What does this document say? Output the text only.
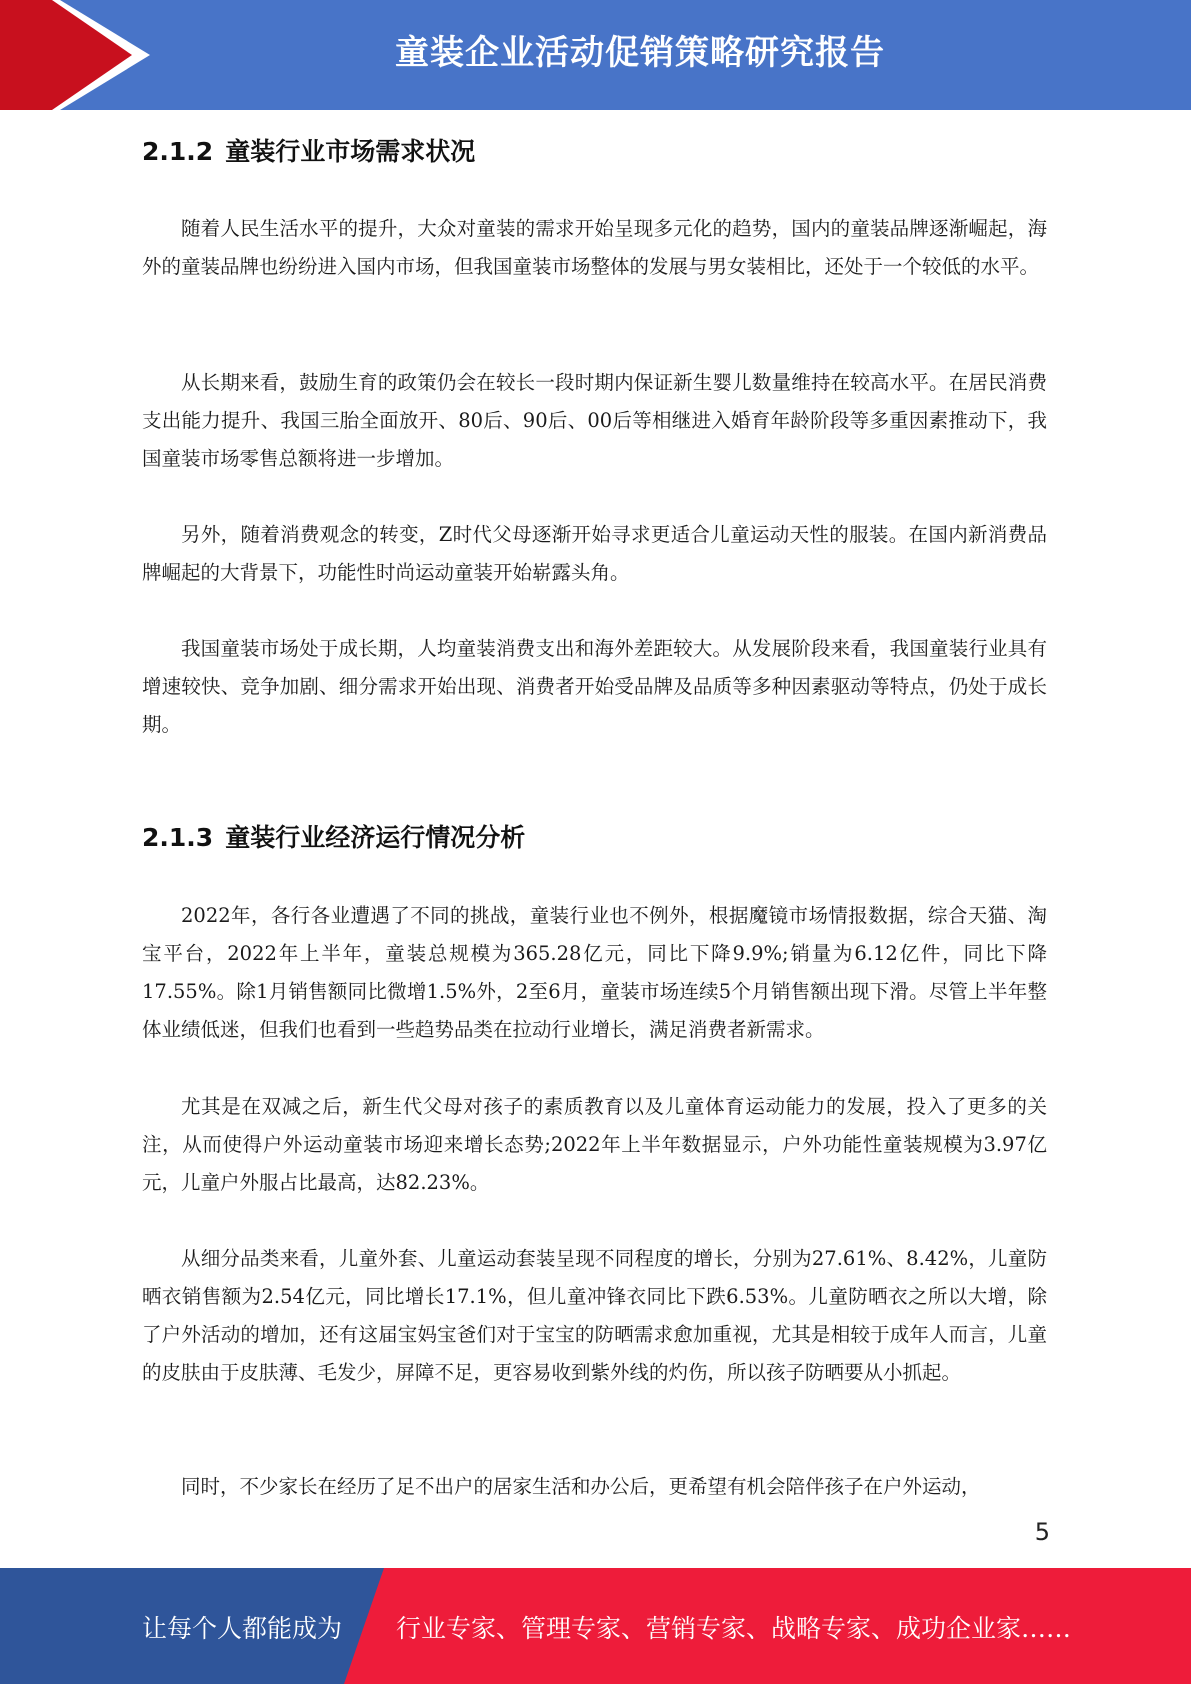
童装企业活动促销策略研究报告
2.1.2 童装行业市场需求状况

随着人民生活水平的提升，大众对童装的需求开始呈现多元化的趋势，国内的童装品牌逐渐崛起，海外的童装品牌也纷纷进入国内市场，但我国童装市场整体的发展与男女装相比，还处于一个较低的水平。

从长期来看，鼓励生育的政策仍会在较长一段时期内保证新生婴儿数量维持在较高水平。在居民消费支出能力提升、我国三胎全面放开、80后、90后、00后等相继进入婚育年龄阶段等多重因素推动下，我国童装市场零售总额将进一步增加。

另外，随着消费观念的转变，Z时代父母逐渐开始寻求更适合儿童运动天性的服装。在国内新消费品牌崛起的大背景下，功能性时尚运动童装开始崭露头角。

我国童装市场处于成长期，人均童装消费支出和海外差距较大。从发展阶段来看，我国童装行业具有增速较快、竞争加剧、细分需求开始出现、消费者开始受品牌及品质等多种因素驱动等特点，仍处于成长期。

2.1.3 童装行业经济运行情况分析

2022年，各行各业遭遇了不同的挑战，童装行业也不例外，根据魔镜市场情报数据，综合天猫、淘宝平台，2022年上半年，童装总规模为365.28亿元，同比下降9.9%;销量为6.12亿件，同比下降17.55%。除1月销售额同比微增1.5%外，2至6月，童装市场连续5个月销售额出现下滑。尽管上半年整体业绩低迷，但我们也看到一些趋势品类在拉动行业增长，满足消费者新需求。

尤其是在双减之后，新生代父母对孩子的素质教育以及儿童体育运动能力的发展，投入了更多的关注，从而使得户外运动童装市场迎来增长态势;2022年上半年数据显示，户外功能性童装规模为3.97亿元，儿童户外服占比最高，达82.23%。

从细分品类来看，儿童外套、儿童运动套装呈现不同程度的增长，分别为27.61%、8.42%，儿童防晒衣销售额为2.54亿元，同比增长17.1%，但儿童冲锋衣同比下跌6.53%。儿童防晒衣之所以大增，除了户外活动的增加，还有这届宝妈宝爸们对于宝宝的防晒需求愈加重视，尤其是相较于成年人而言，儿童的皮肤由于皮肤薄、毛发少，屏障不足，更容易收到紫外线的灼伤，所以孩子防晒要从小抓起。

同时，不少家长在经历了足不出户的居家生活和办公后，更希望有机会陪伴孩子在户外运动，

5
让每个人都能成为 行业专家、管理专家、营销专家、战略专家、成功企业家……
